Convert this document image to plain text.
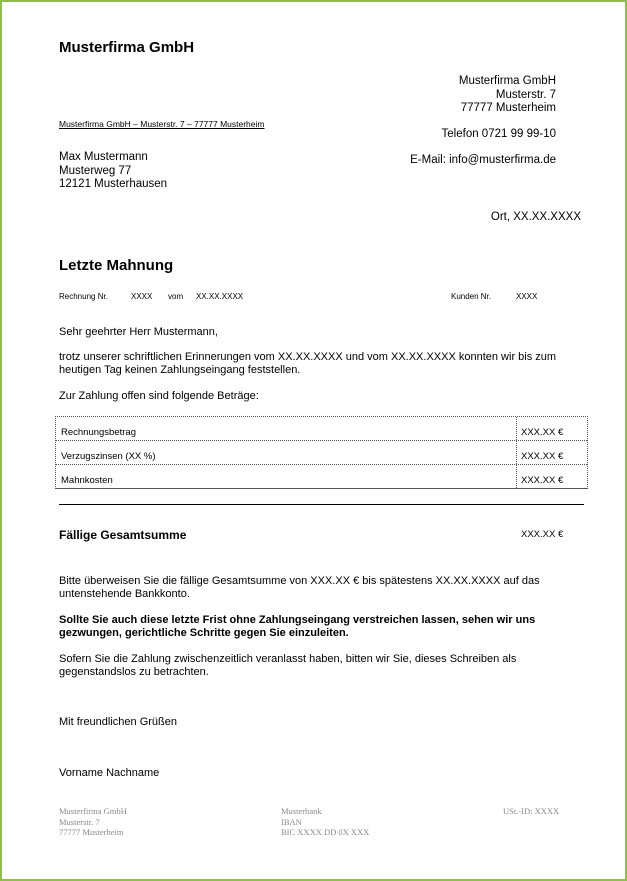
Musterfirma GmbH
Musterfirma GmbH
Musterstr. 7
77777 Musterheim
Musterfirma GmbH – Musterstr. 7 – 77777 Musterheim
Telefon 0721 99 99-10
Max Mustermann
Musterweg 77
12121 Musterhausen
E-Mail: info@musterfirma.de
Ort, XX.XX.XXXX
Letzte Mahnung
Rechnung Nr.	XXXX vom XX.XX.XXXX	Kunden Nr.	XXXX
Sehr geehrter Herr Mustermann,
trotz unserer schriftlichen Erinnerungen vom XX.XX.XXXX und vom XX.XX.XXXX konnten wir bis zum heutigen Tag keinen Zahlungseingang feststellen.
Zur Zahlung offen sind folgende Beträge:
Rechnungsbetrag	XXX.XX €
Verzugszinsen (XX %)	XXX.XX €
Mahnkosten	XXX.XX €
Fällige Gesamtsumme	XXX.XX €
Bitte überweisen Sie die fällige Gesamtsumme von XXX.XX € bis spätestens XX.XX.XXXX auf das untenstehende Bankkonto.
Sollte Sie auch diese letzte Frist ohne Zahlungseingang verstreichen lassen, sehen wir uns gezwungen, gerichtliche Schritte gegen Sie einzuleiten.
Sofern Sie die Zahlung zwischenzeitlich veranlasst haben, bitten wir Sie, dieses Schreiben als gegenstandslos zu betrachten.
Mit freundlichen Grüßen
Vorname Nachname
Musterfirma GmbH
Musterstr. 7
77777 Musterheim
Musterbank
IBAN
BIC XXXX DD 0X XXX
USt.-ID: XXXX
